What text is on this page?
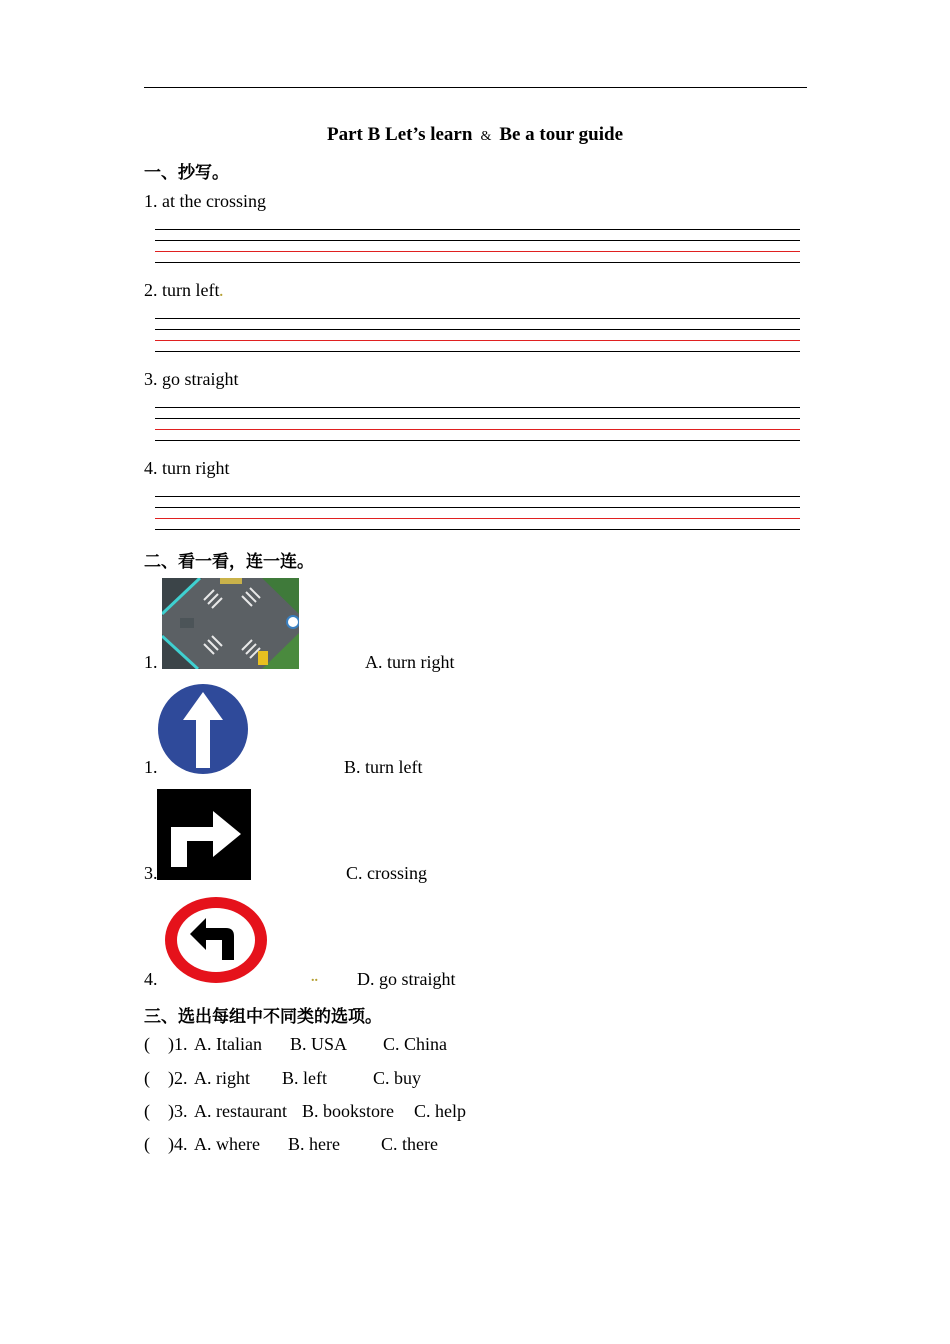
Part B Let’s learn & Be a tour guide
一、抄写。
1. at the crossing
2. turn left.
3. go straight
4. turn right
二、看一看，连一连。
1.	A. turn right
1.	B. turn left
3.	C. crossing
4.	.. D. go straight
三、选出每组中不同类的选项。
( )1. A. Italian B. USA C. China
( )2. A. right B. left	C. buy
( )3. A. restaurant B. bookstore C. help
( )4. A. where B. here C. there
